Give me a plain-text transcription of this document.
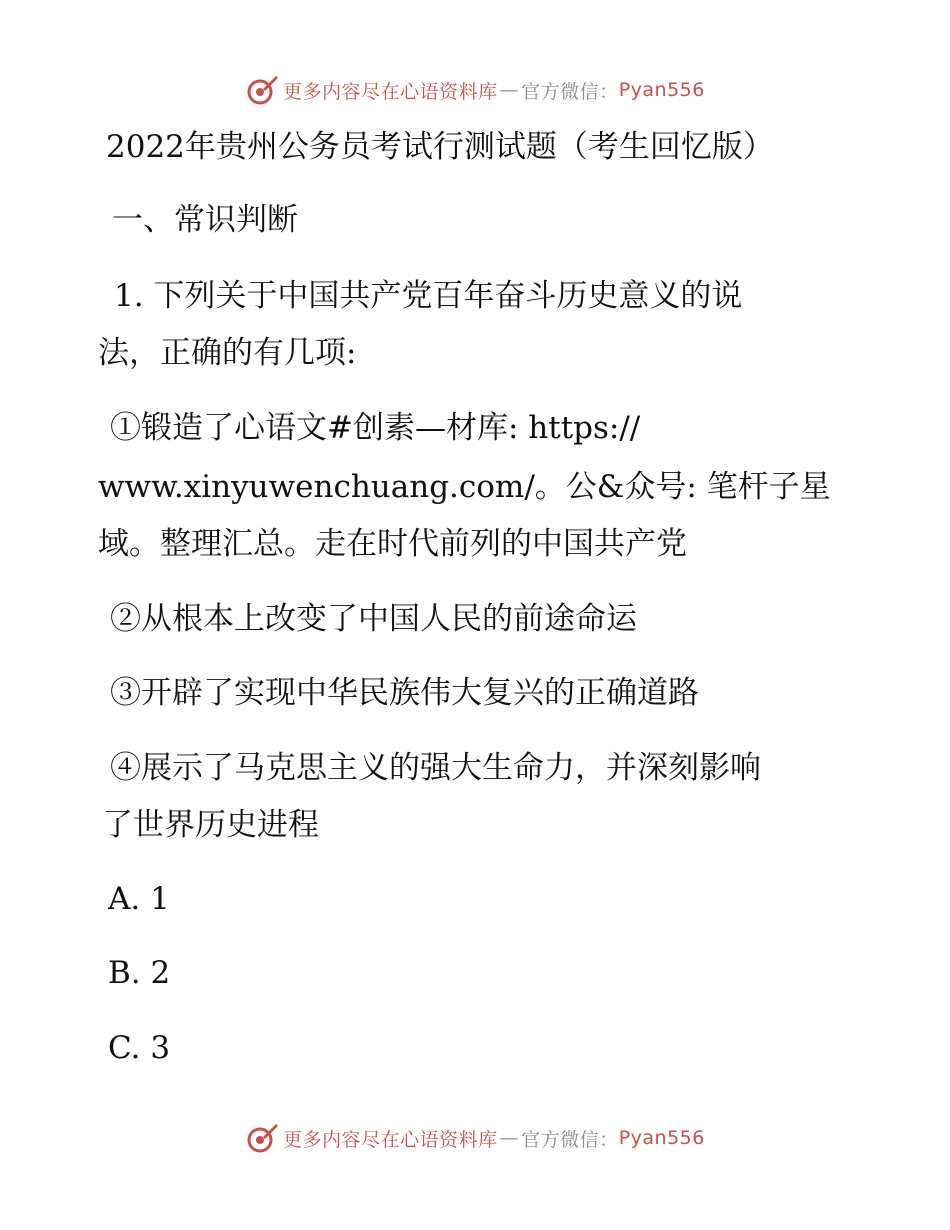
更多内容尽在心语资料库 — 官方微信： Pyan556
2022年贵州公务员考试行测试题（考生回忆版）
一、常识判断
1. 下列关于中国共产党百年奋斗历史意义的说
法，正确的有几项:
①锻造了心语文#创素—材库: https://
www.xinyuwenchuang.com/。公&众号: 笔杆子星
域。整理汇总。走在时代前列的中国共产党
②从根本上改变了中国人民的前途命运
③开辟了实现中华民族伟大复兴的正确道路
④展示了马克思主义的强大生命力，并深刻影响
了世界历史进程
A. 1
B. 2
C. 3
更多内容尽在心语资料库 — 官方微信： Pyan556
